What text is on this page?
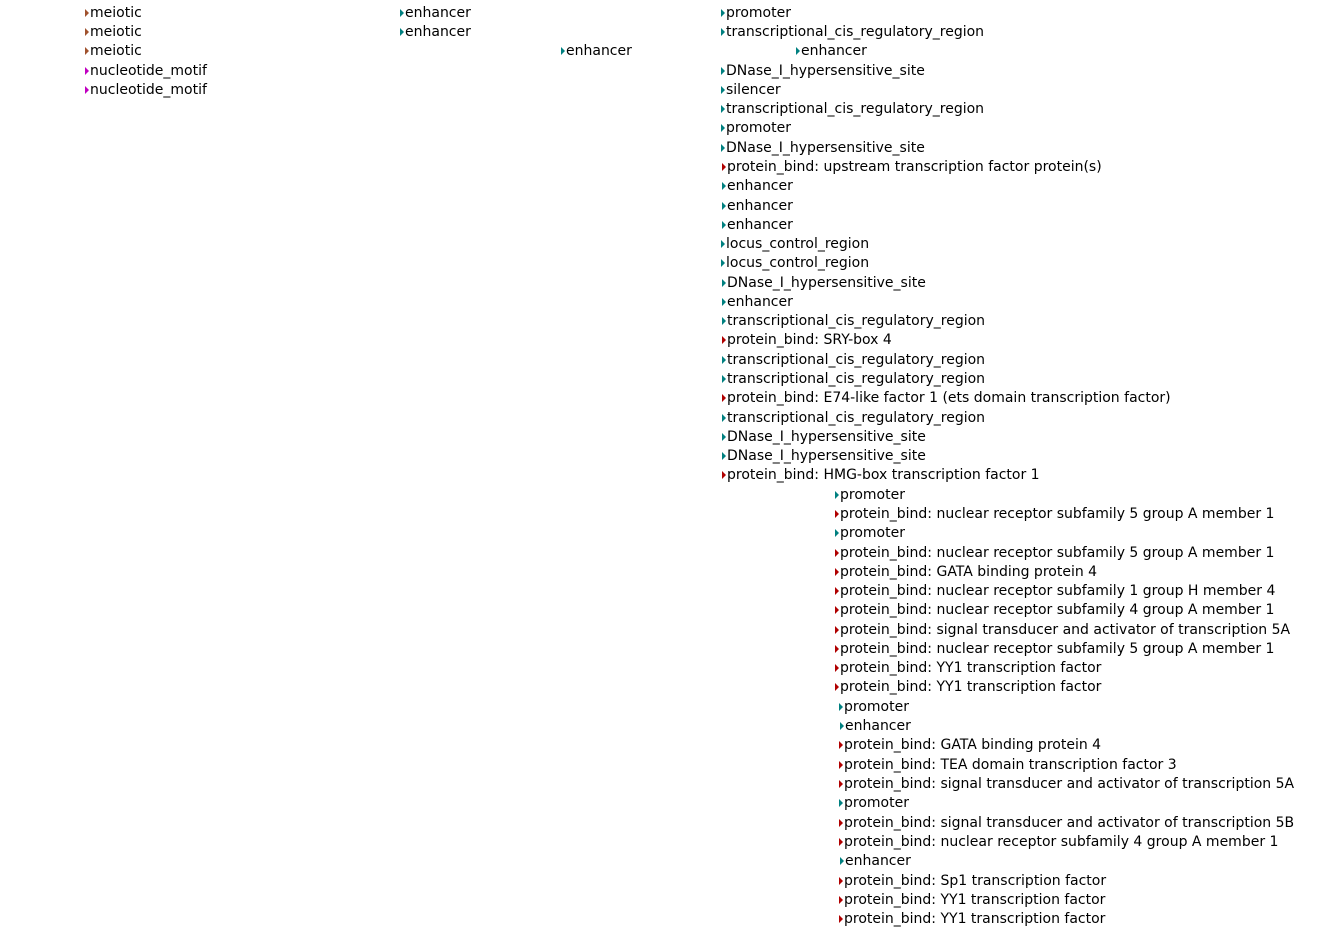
meiotic
meiotic
meiotic
nucleotide_motif
nucleotide_motif
enhancer
enhancer
enhancer
promoter
transcriptional_cis_regulatory_region
enhancer
DNase_I_hypersensitive_site
silencer
transcriptional_cis_regulatory_region
promoter
DNase_I_hypersensitive_site
protein_bind: upstream transcription factor protein(s)
enhancer
enhancer
enhancer
locus_control_region
locus_control_region
DNase_I_hypersensitive_site
enhancer
transcriptional_cis_regulatory_region
protein_bind: SRY-box 4
transcriptional_cis_regulatory_region
transcriptional_cis_regulatory_region
protein_bind: E74-like factor 1 (ets domain transcription factor)
transcriptional_cis_regulatory_region
DNase_I_hypersensitive_site
DNase_I_hypersensitive_site
protein_bind: HMG-box transcription factor 1
promoter
protein_bind: nuclear receptor subfamily 5 group A member 1
promoter
protein_bind: nuclear receptor subfamily 5 group A member 1
protein_bind: GATA binding protein 4
protein_bind: nuclear receptor subfamily 1 group H member 4
protein_bind: nuclear receptor subfamily 4 group A member 1
protein_bind: signal transducer and activator of transcription 5A
protein_bind: nuclear receptor subfamily 5 group A member 1
protein_bind: YY1 transcription factor
protein_bind: YY1 transcription factor
promoter
enhancer
protein_bind: GATA binding protein 4
protein_bind: TEA domain transcription factor 3
protein_bind: signal transducer and activator of transcription 5A
promoter
protein_bind: signal transducer and activator of transcription 5B
protein_bind: nuclear receptor subfamily 4 group A member 1
enhancer
protein_bind: Sp1 transcription factor
protein_bind: YY1 transcription factor
protein_bind: YY1 transcription factor
